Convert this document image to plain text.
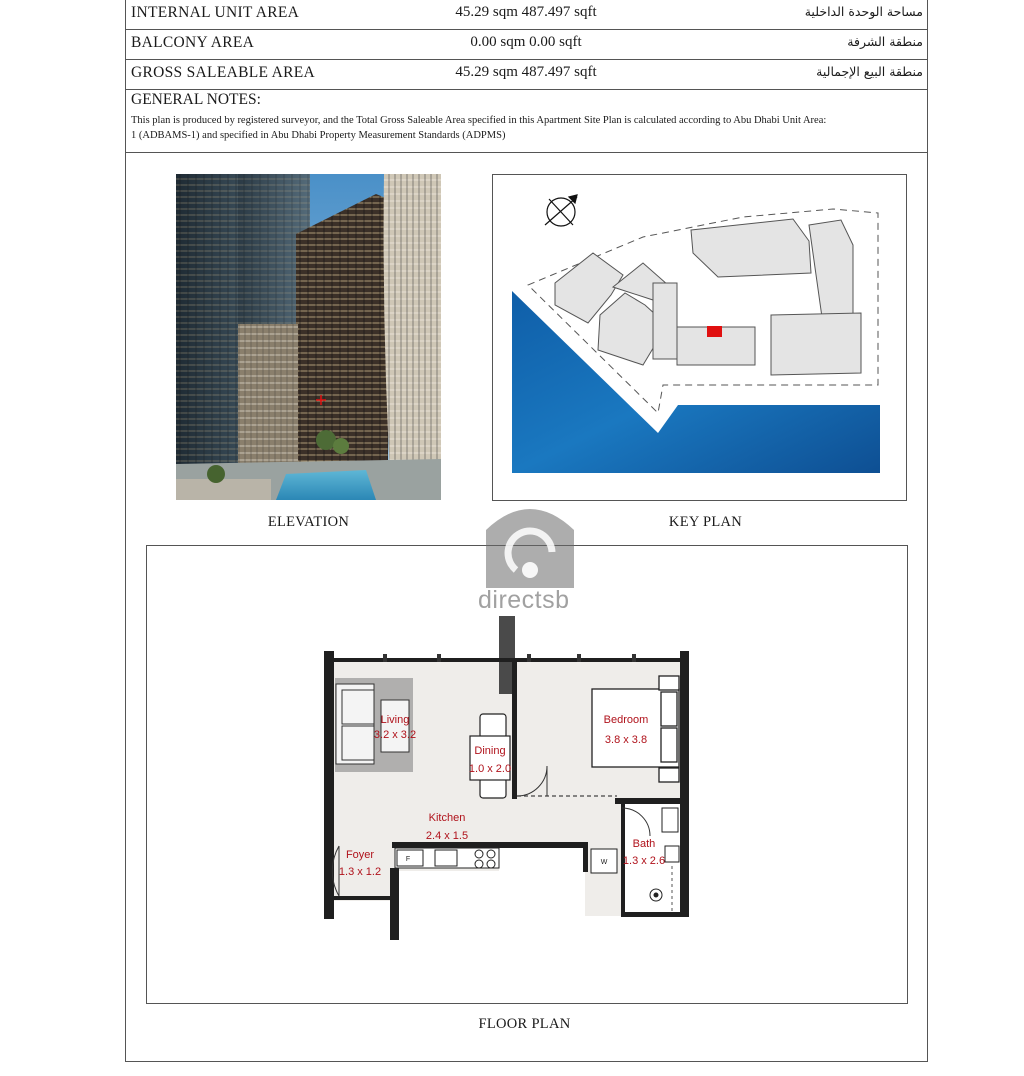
INTERNAL UNIT AREA	45.29 sqm 487.497 sqft	مساحة الوحدة الداخلية
BALCONY AREA	0.00 sqm 0.00 sqft	منطقة الشرفة
GROSS SALEABLE AREA	45.29 sqm 487.497 sqft	منطقة البيع الإجمالية
GENERAL NOTES:
This plan is produced by registered surveyor, and the Total Gross Saleable Area specified in this Apartment Site Plan is calculated according to Abu Dhabi Unit Area:
1 (ADBAMS-1) and specified in Abu Dhabi Property Measurement Standards (ADPMS)
ELEVATION	KEY PLAN
F	W
Living
3.2 x 3.2
Dining
1.0 x 2.0
Bedroom
3.8 x 3.8
Kitchen
2.4 x 1.5
Foyer
1.3 x 1.2
Bath
1.3 x 2.6
FLOOR PLAN
directsb
